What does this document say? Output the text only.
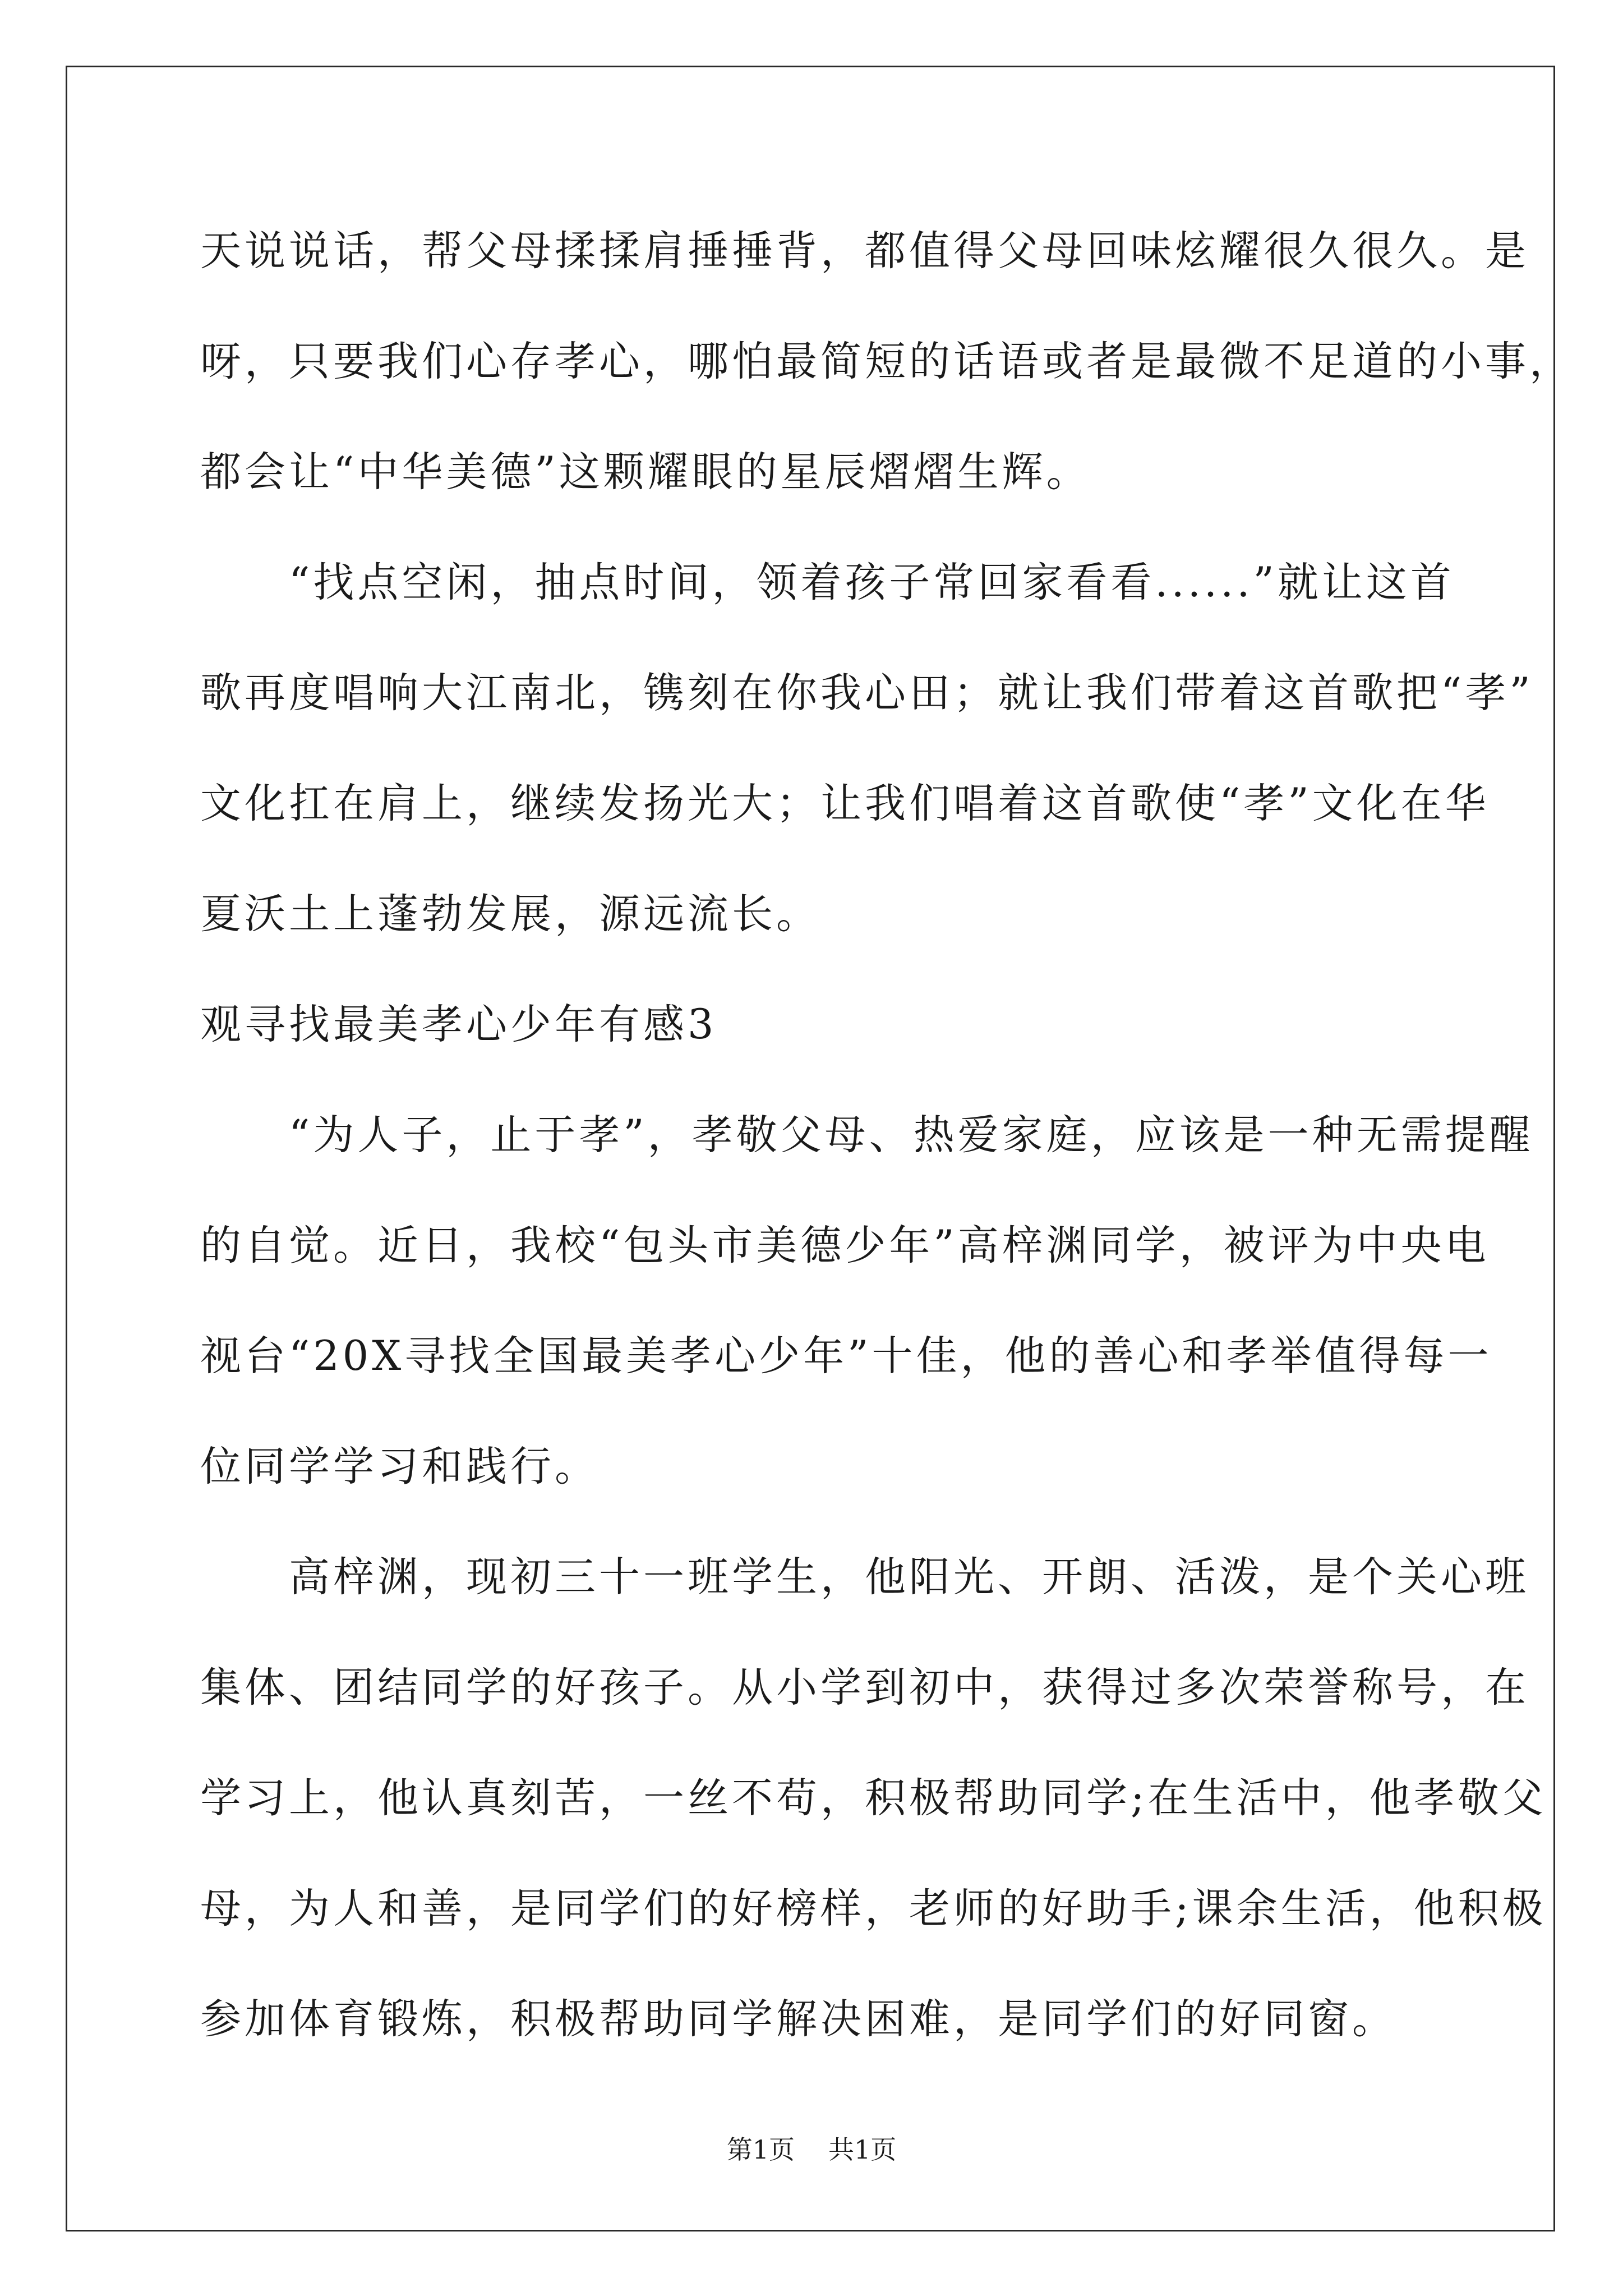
天说说话，帮父母揉揉肩捶捶背，都值得父母回味炫耀很久很久。是
呀，只要我们心存孝心，哪怕最简短的话语或者是最微不足道的小事，
都会让“中华美德”这颗耀眼的星辰熠熠生辉。
　　“找点空闲，抽点时间，领着孩子常回家看看......”就让这首
歌再度唱响大江南北，镌刻在你我心田；就让我们带着这首歌把“孝”
文化扛在肩上，继续发扬光大；让我们唱着这首歌使“孝”文化在华
夏沃土上蓬勃发展，源远流长。
观寻找最美孝心少年有感3
　　“为人子，止于孝”，孝敬父母、热爱家庭，应该是一种无需提醒
的自觉。近日，我校“包头市美德少年”高梓渊同学，被评为中央电
视台“20X寻找全国最美孝心少年”十佳，他的善心和孝举值得每一
位同学学习和践行。
　　高梓渊，现初三十一班学生，他阳光、开朗、活泼，是个关心班
集体、团结同学的好孩子。从小学到初中，获得过多次荣誉称号，在
学习上，他认真刻苦，一丝不苟，积极帮助同学;在生活中，他孝敬父
母，为人和善，是同学们的好榜样，老师的好助手;课余生活，他积极
参加体育锻炼，积极帮助同学解决困难，是同学们的好同窗。
第1页 共1页
